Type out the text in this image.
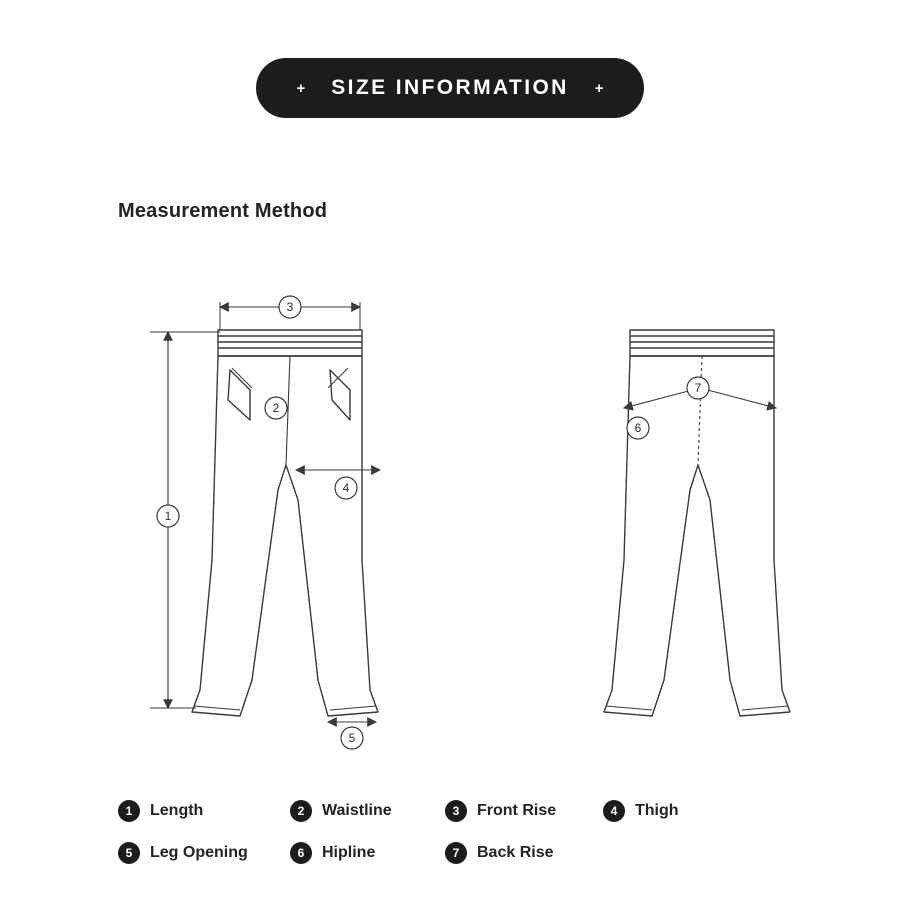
+ SIZE INFORMATION +
Measurement Method
1
3
2
4
5
6
7
1	Length	2	Waistline	3	Front Rise	4	Thigh
5	Leg Opening	6	Hipline	7	Back Rise
